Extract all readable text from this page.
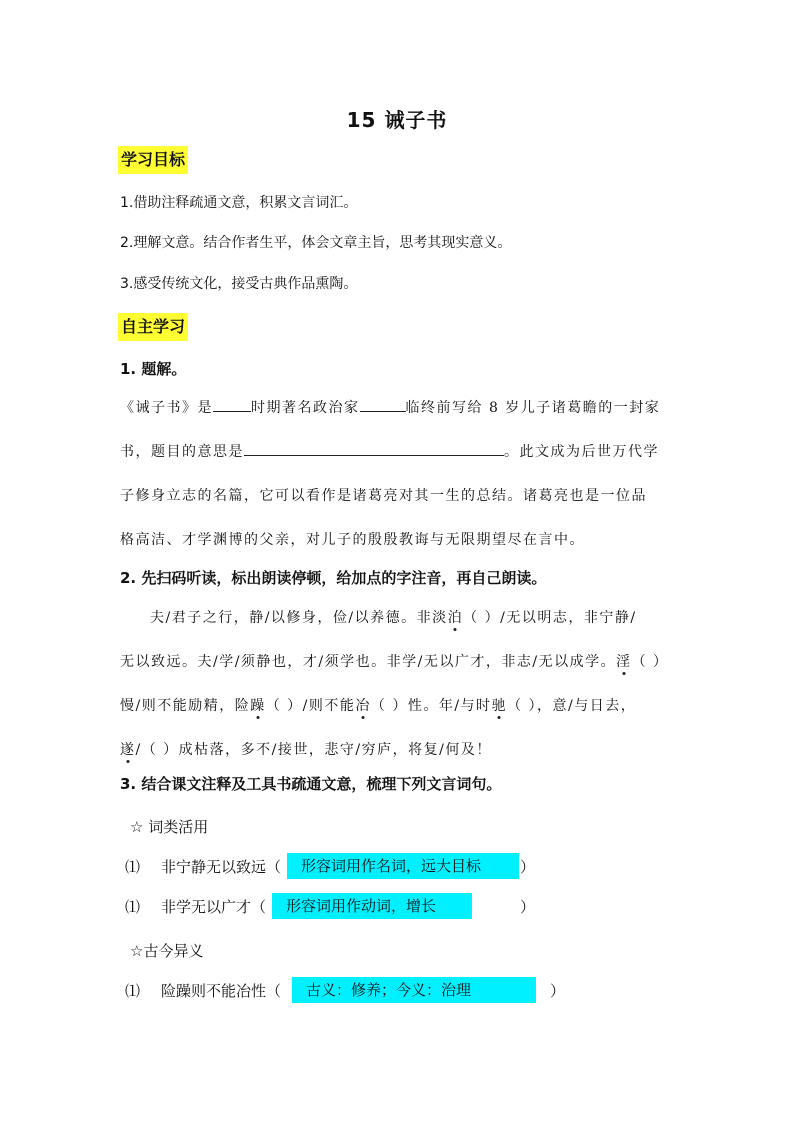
15 诫子书
学习目标
1.借助注释疏通文意，积累文言词汇。
2.理解文意。结合作者生平，体会文章主旨，思考其现实意义。
3.感受传统文化，接受古典作品熏陶。
自主学习
1. 题解。
《诫子书》是	时期著名政治家	临终前写给 8 岁儿子诸葛瞻的一封家
书，题目的意思是	。此文成为后世万代学
子修身立志的名篇，它可以看作是诸葛亮对其一生的总结。诸葛亮也是一位品
格高洁、才学渊博的父亲，对儿子的殷殷教诲与无限期望尽在言中。
2. 先扫码听读，标出朗读停顿，给加点的字注音，再自己朗读。
夫/君子之行，静/以修身，俭/以养德。非淡泊（ ）/无以明志，非宁静/
无以致远。夫/学/须静也，才/须学也。非学/无以广才，非志/无以成学。淫（ ）
慢/则不能励精，险躁（ ）/则不能冶（ ）性。年/与时驰（ ），意/与日去，
遂/（ ）成枯落，多不/接世，悲守/穷庐，将复/何及！
3. 结合课文注释及工具书疏通文意，梳理下列文言词句。
☆ 词类活用
⑴ 非宁静无以致远（	形容词用作名词，远大目标	）
⑴ 非学无以广才（	形容词用作动词，增长	）
☆古今异义
⑴ 险躁则不能冶性（	古义：修养；今义：治理	）
